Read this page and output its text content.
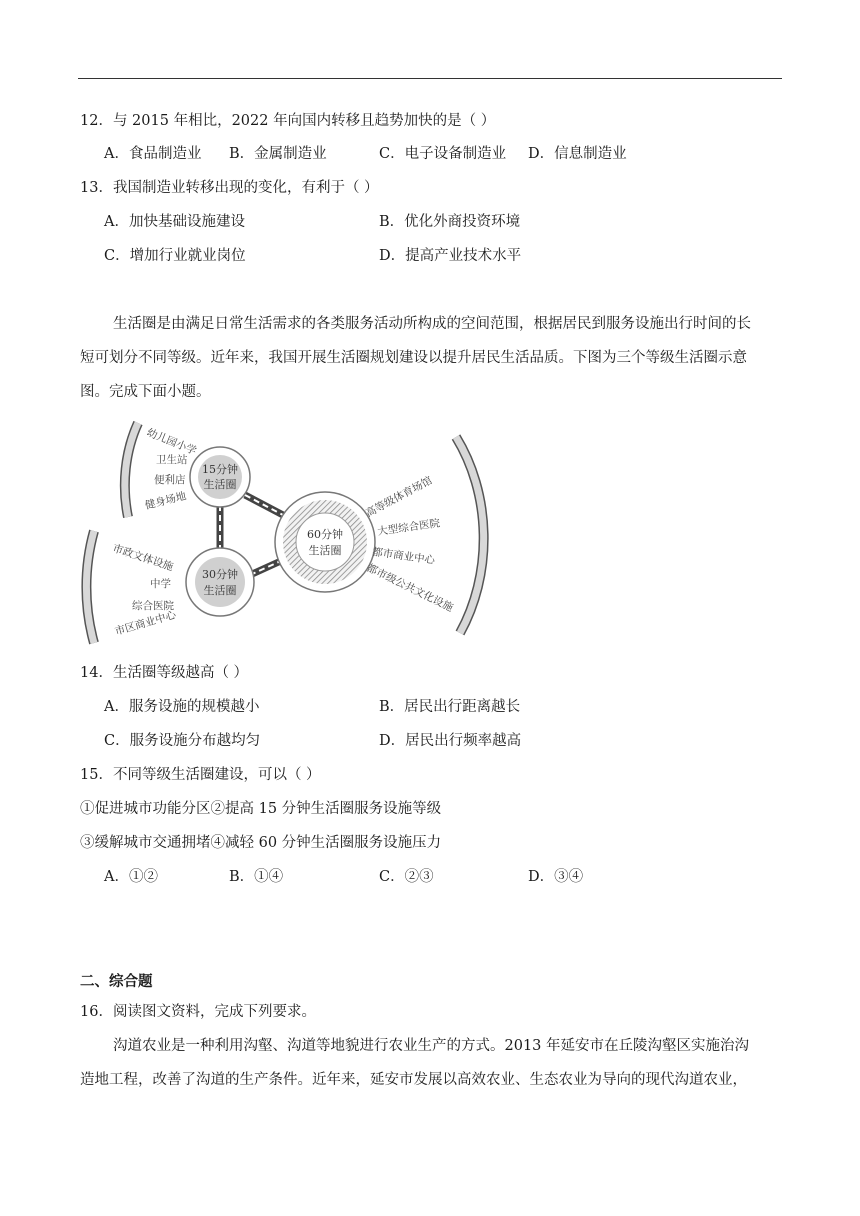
12．与 2015 年相比，2022 年向国内转移且趋势加快的是（ ）
A．食品制造业 B．金属制造业	C．电子设备制造业 D．信息制造业
13．我国制造业转移出现的变化，有利于（ ）
A．加快基础设施建设	B．优化外商投资环境
C．增加行业就业岗位	D．提高产业技术水平
生活圈是由满足日常生活需求的各类服务活动所构成的空间范围，根据居民到服务设施出行时间的长
短可划分不同等级。近年来，我国开展生活圈规划建设以提升居民生活品质。下图为三个等级生活圈示意
图。完成下面小题。
15分钟
生活圈
30分钟
生活圈
60分钟
生活圈
幼儿园小学
卫生站
便利店
健身场地
市政文体设施
中学
综合医院
市区商业中心
高等级体育场馆
大型综合医院
都市商业中心
都市级公共文化设施
14．生活圈等级越高（ ）
A．服务设施的规模越小	B．居民出行距离越长
C．服务设施分布越均匀	D．居民出行频率越高
15．不同等级生活圈建设，可以（ ）
①促进城市功能分区②提高 15 分钟生活圈服务设施等级
③缓解城市交通拥堵④减轻 60 分钟生活圈服务设施压力
A．①②	B．①④	C．②③	D．③④
二、综合题
16．阅读图文资料，完成下列要求。
沟道农业是一种利用沟壑、沟道等地貌进行农业生产的方式。2013 年延安市在丘陵沟壑区实施治沟
造地工程，改善了沟道的生产条件。近年来，延安市发展以高效农业、生态农业为导向的现代沟道农业，
